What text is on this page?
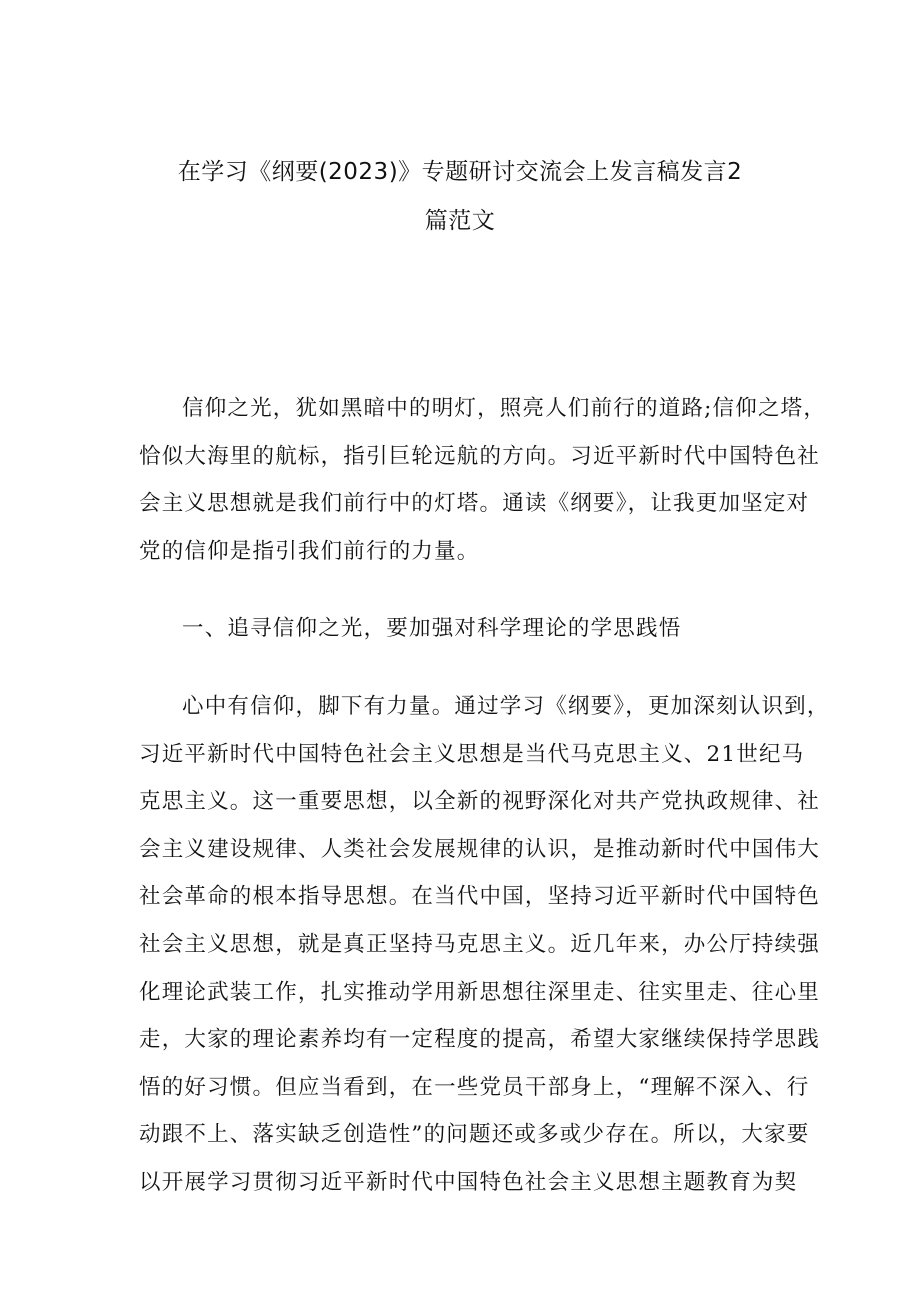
在学习《纲要(2023)》专题研讨交流会上发言稿发言2
篇范文
信仰之光，犹如黑暗中的明灯，照亮人们前行的道路;信仰之塔，
恰似大海里的航标，指引巨轮远航的方向。习近平新时代中国特色社
会主义思想就是我们前行中的灯塔。通读《纲要》，让我更加坚定对
党的信仰是指引我们前行的力量。
一、追寻信仰之光，要加强对科学理论的学思践悟
心中有信仰，脚下有力量。通过学习《纲要》，更加深刻认识到，
习近平新时代中国特色社会主义思想是当代马克思主义、21世纪马
克思主义。这一重要思想，以全新的视野深化对共产党执政规律、社
会主义建设规律、人类社会发展规律的认识，是推动新时代中国伟大
社会革命的根本指导思想。在当代中国，坚持习近平新时代中国特色
社会主义思想，就是真正坚持马克思主义。近几年来，办公厅持续强
化理论武装工作，扎实推动学用新思想往深里走、往实里走、往心里
走，大家的理论素养均有一定程度的提高，希望大家继续保持学思践
悟的好习惯。但应当看到，在一些党员干部身上，“理解不深入、行
动跟不上、落实缺乏创造性”的问题还或多或少存在。所以，大家要
以开展学习贯彻习近平新时代中国特色社会主义思想主题教育为契
